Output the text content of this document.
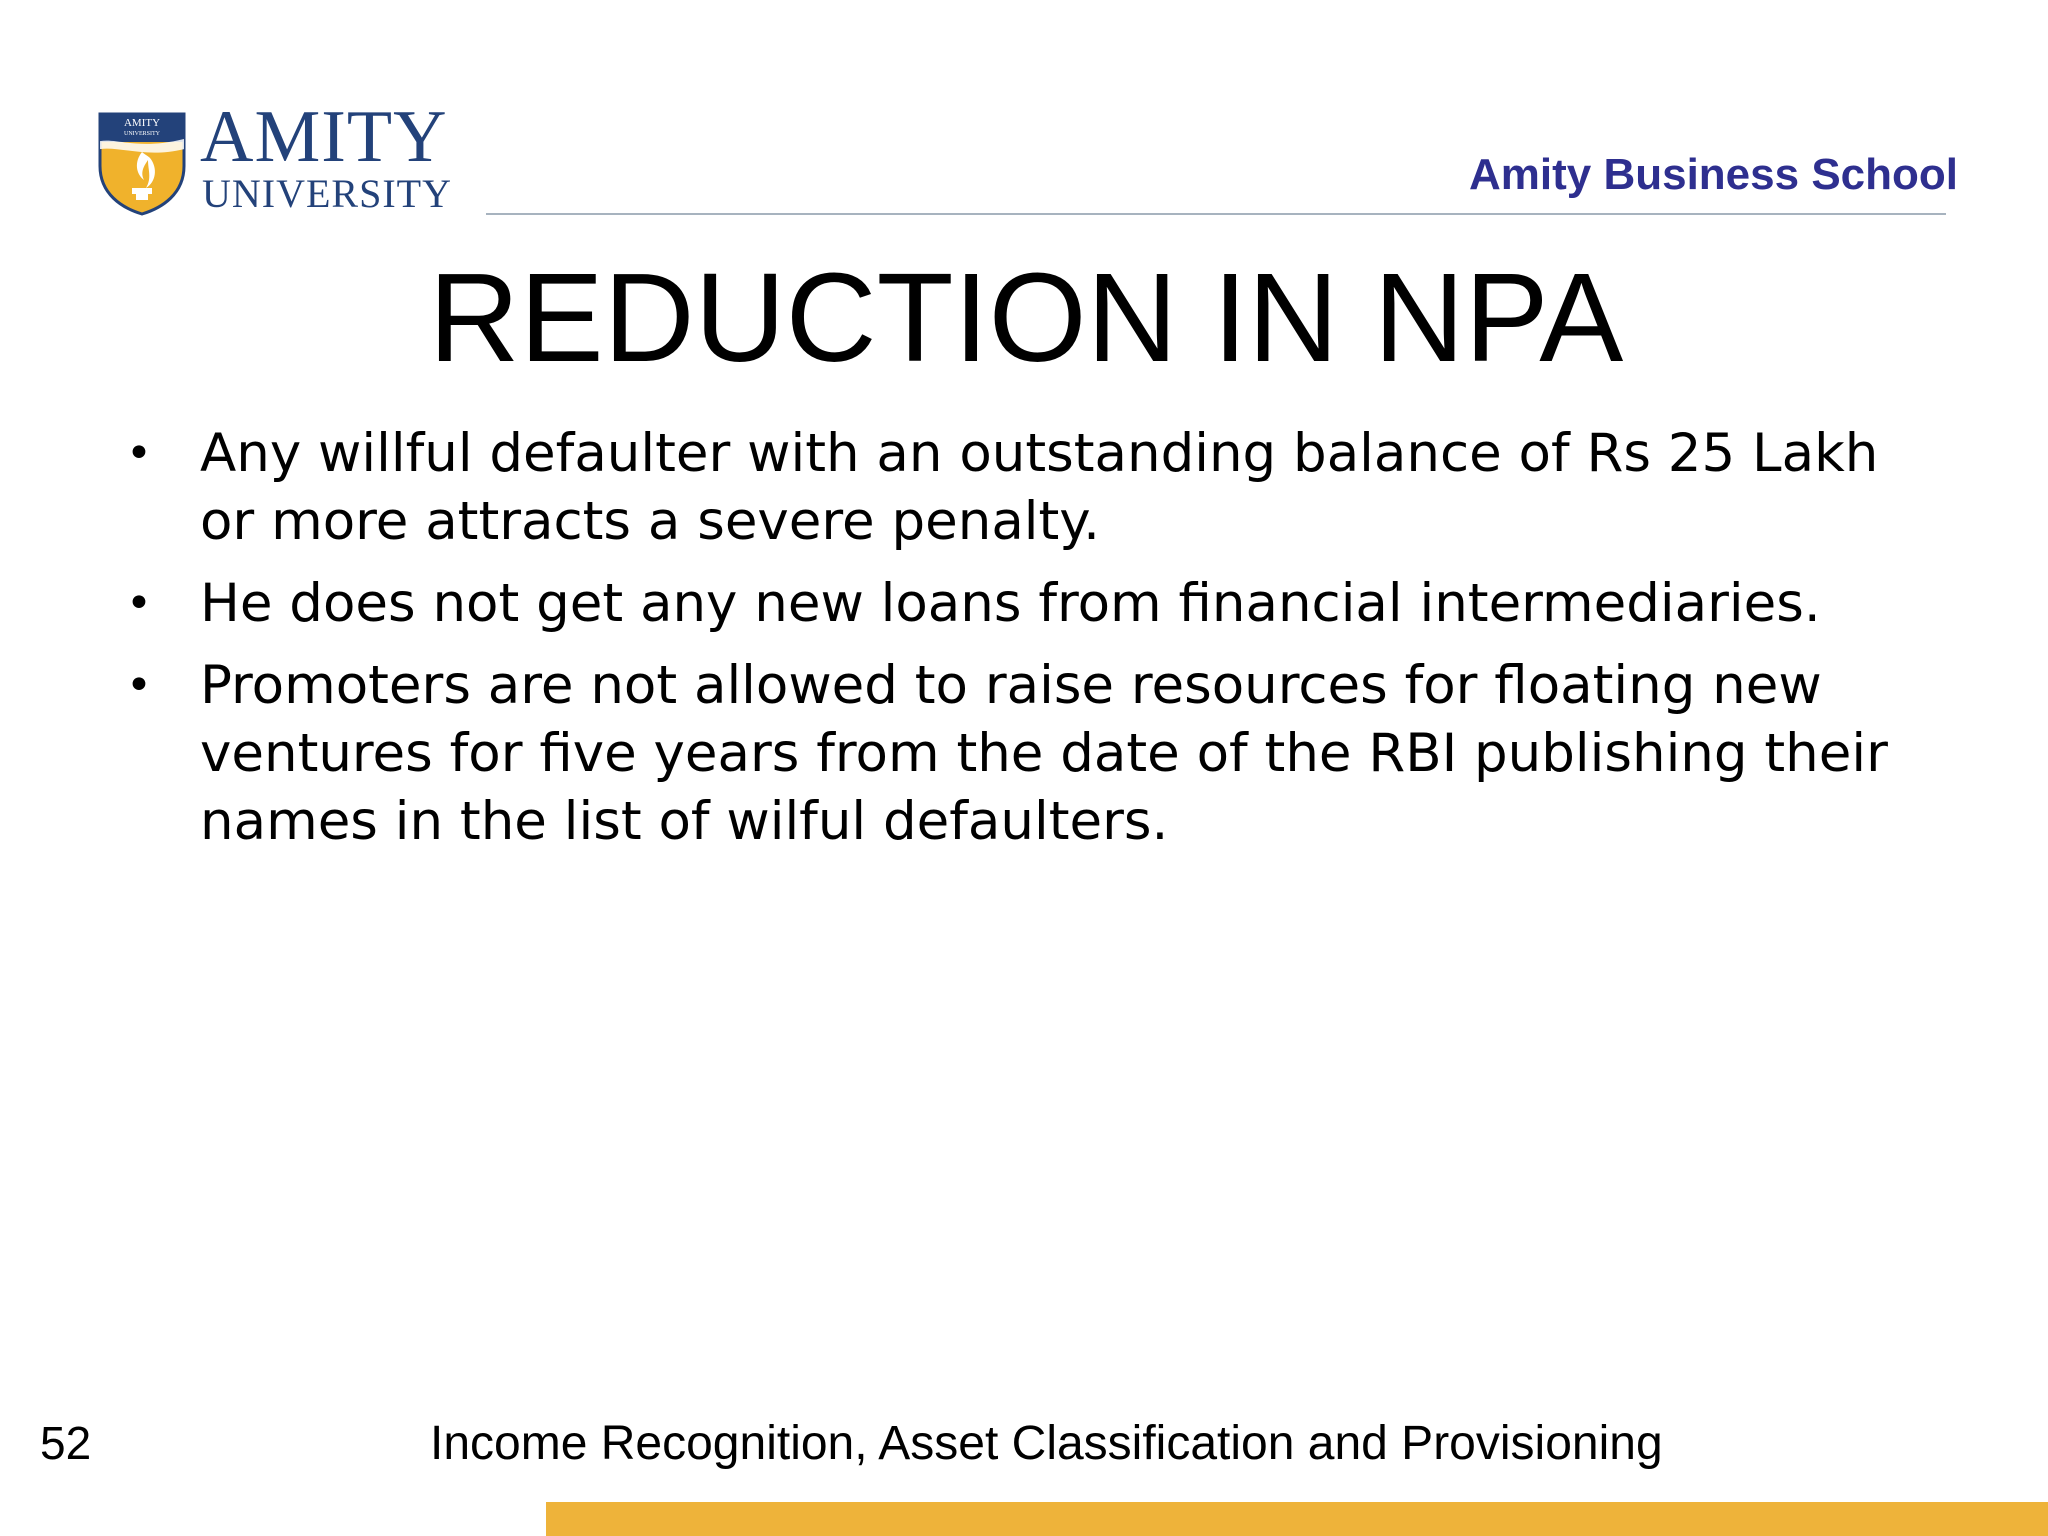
AMITY
UNIVERSITY AMITY
UNIVERSITY	Amity Business School
REDUCTION IN NPA
• Any willful defaulter with an outstanding balance of Rs 25 Lakh or more attracts a severe penalty.
• He does not get any new loans from financial intermediaries.
• Promoters are not allowed to raise resources for floating new ventures for five years from the date of the RBI publishing their names in the list of wilful defaulters.
52	Income Recognition, Asset Classification and Provisioning
